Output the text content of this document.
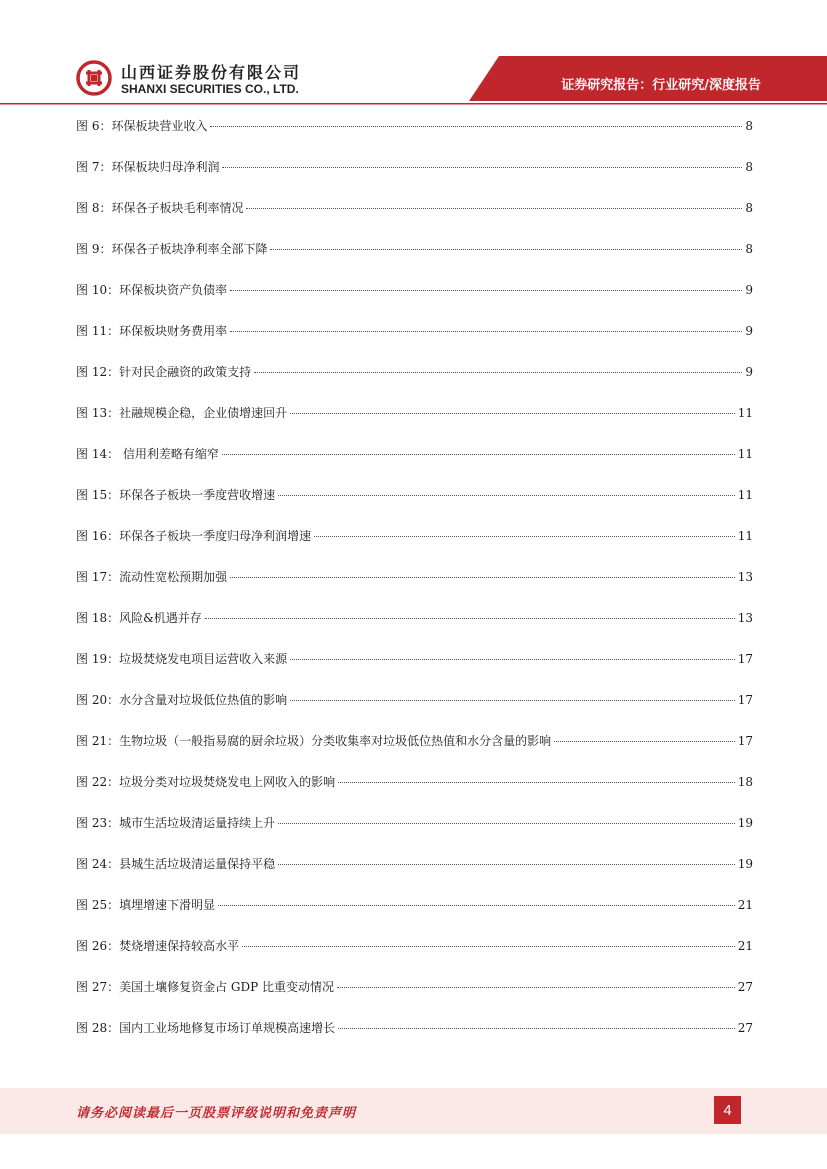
山西证券股份有限公司
SHANXI SECURITIES CO., LTD.	证券研究报告：行业研究/深度报告
图 6：环保板块营业收入	8
图 7：环保板块归母净利润	8
图 8：环保各子板块毛利率情况	8
图 9：环保各子板块净利率全部下降	8
图 10：环保板块资产负债率	9
图 11：环保板块财务费用率	9
图 12：针对民企融资的政策支持	9
图 13：社融规模企稳，企业债增速回升	11
图 14： 信用利差略有缩窄	11
图 15：环保各子板块一季度营收增速	11
图 16：环保各子板块一季度归母净利润增速	11
图 17：流动性宽松预期加强	13
图 18：风险&机遇并存	13
图 19：垃圾焚烧发电项目运营收入来源	17
图 20：水分含量对垃圾低位热值的影响	17
图 21：生物垃圾（一般指易腐的厨余垃圾）分类收集率对垃圾低位热值和水分含量的影响	17
图 22：垃圾分类对垃圾焚烧发电上网收入的影响	18
图 23：城市生活垃圾清运量持续上升	19
图 24：县城生活垃圾清运量保持平稳	19
图 25：填埋增速下滑明显	21
图 26：焚烧增速保持较高水平	21
图 27：美国土壤修复资金占 GDP 比重变动情况	27
图 28：国内工业场地修复市场订单规模高速增长	27
请务必阅读最后一页股票评级说明和免责声明	4
